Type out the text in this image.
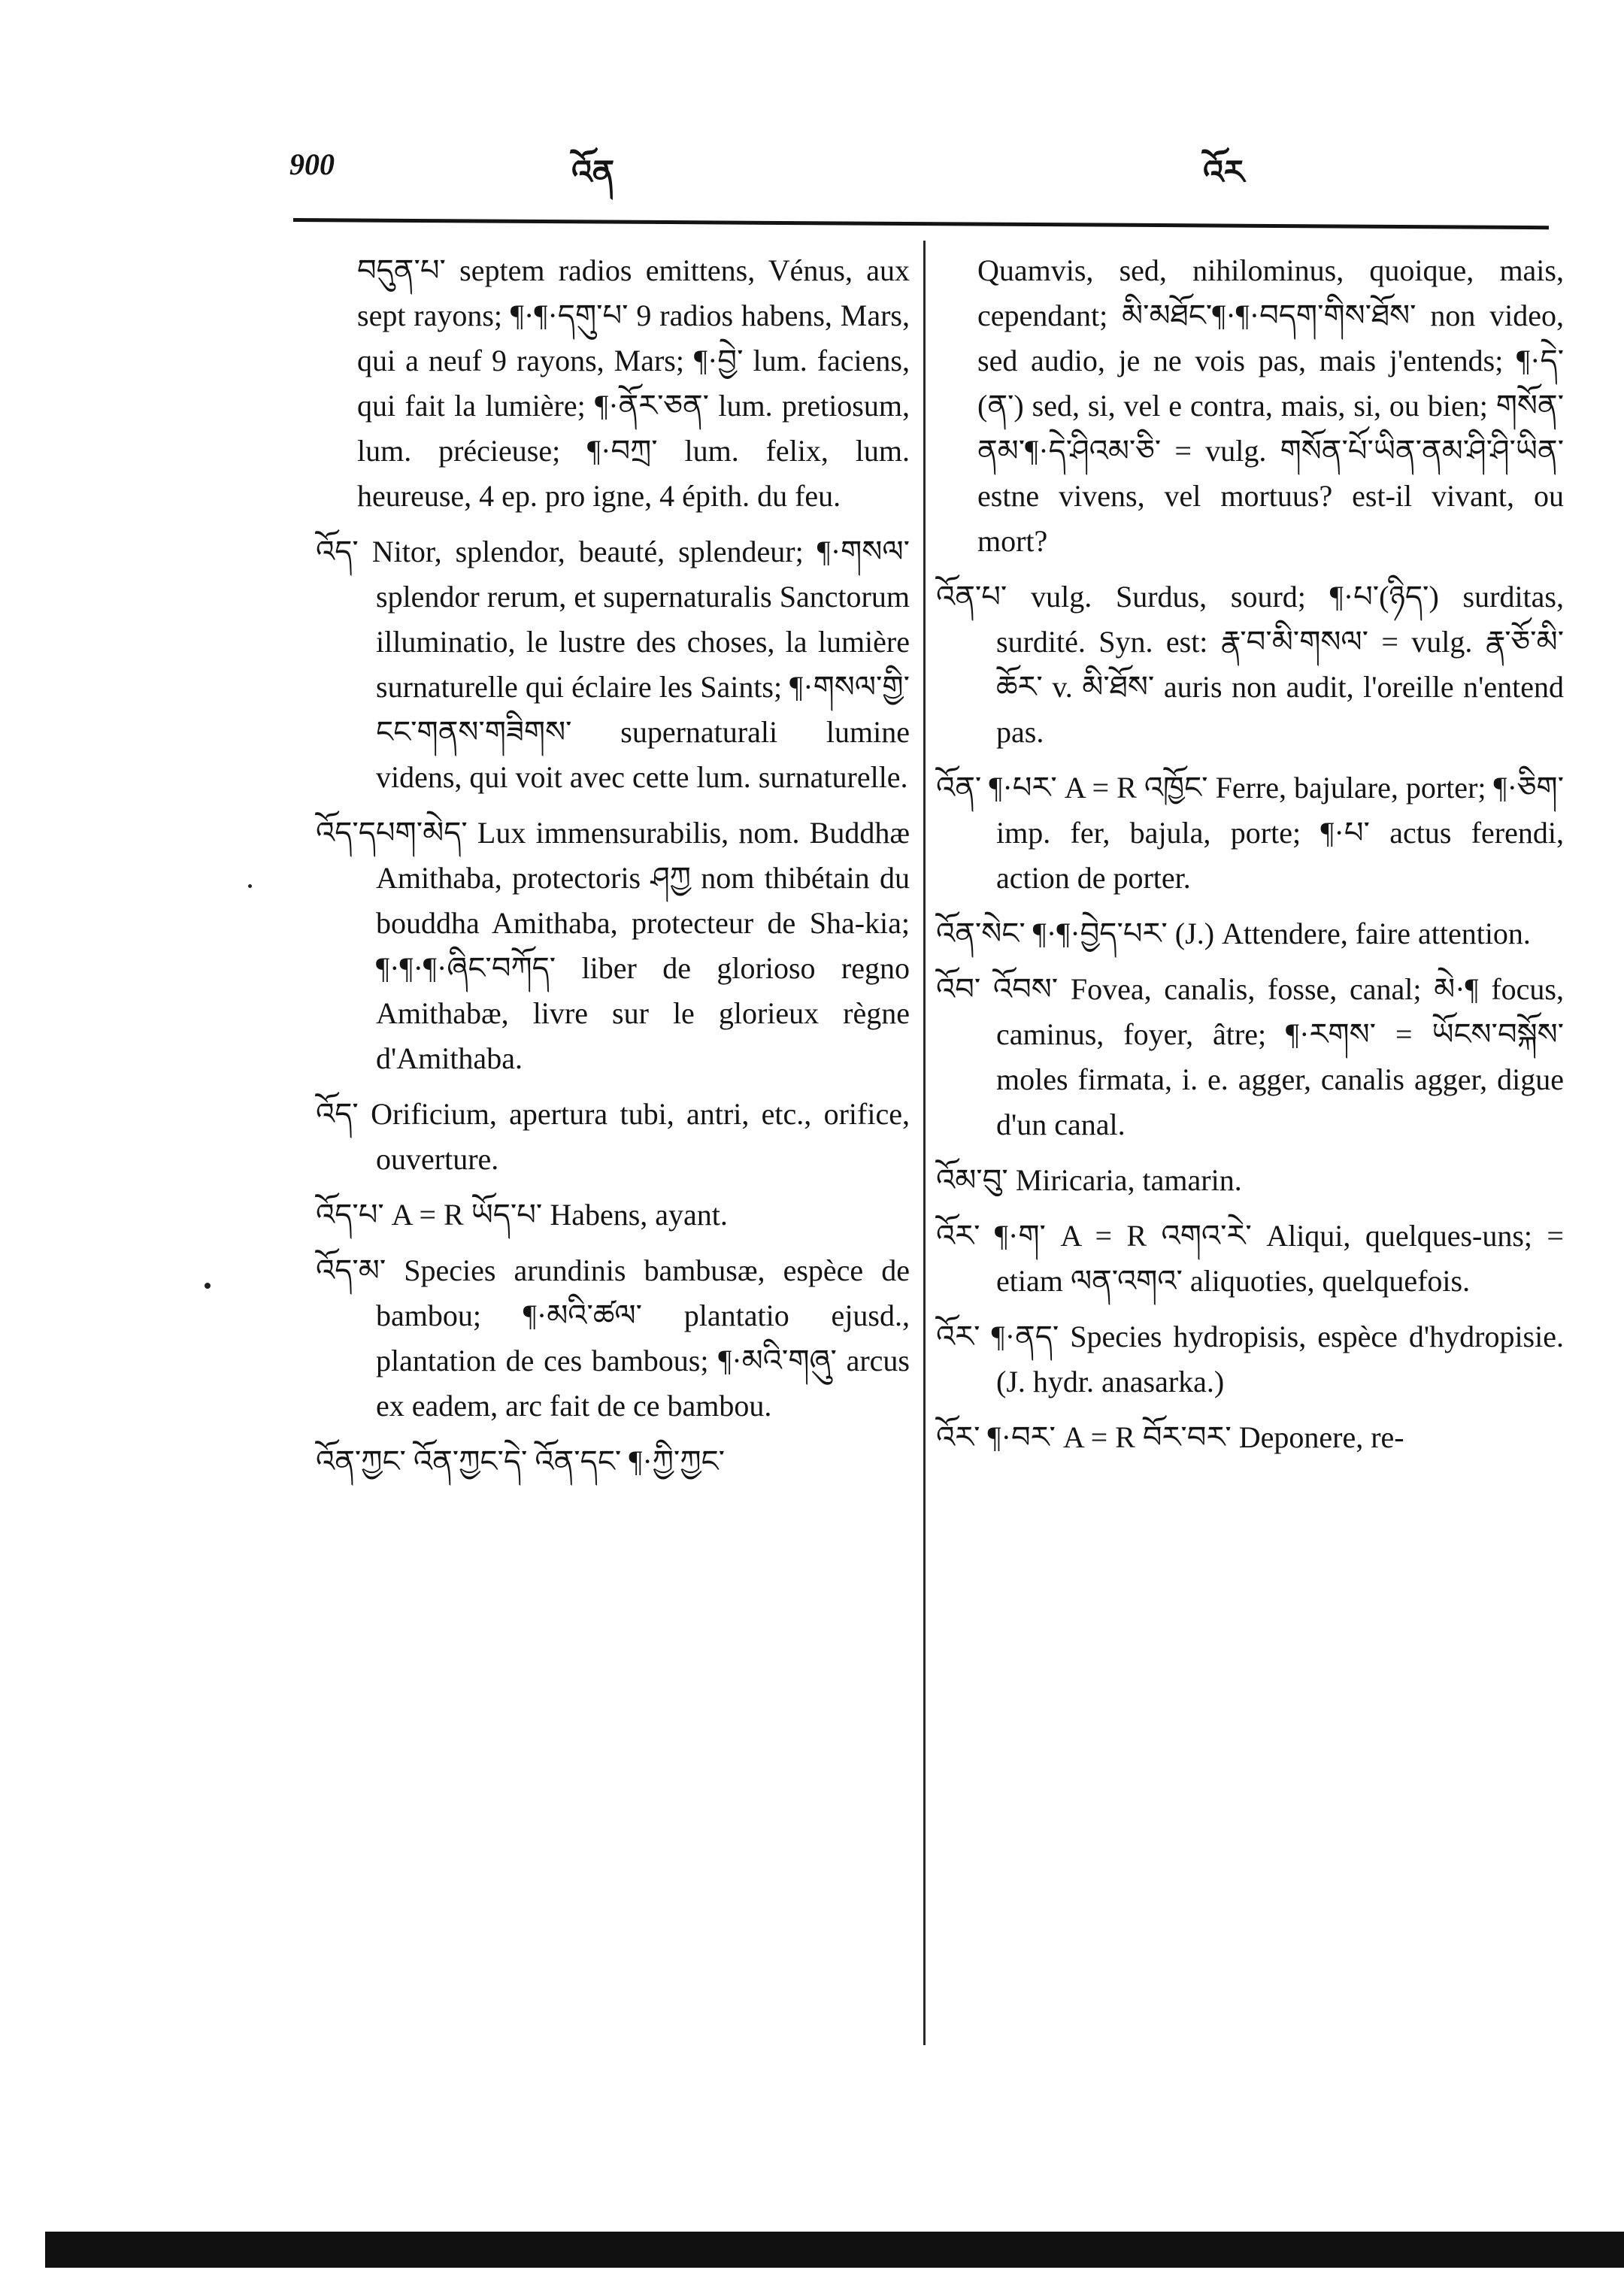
900	འོན	འོར

བདུན་པ་ septem radios emittens, Vénus, aux sept rayons; ¶·¶·དགུ་པ་ 9 radios habens, Mars, qui a neuf 9 rayons, Mars; ¶·བྱེ་ lum. faciens, qui fait la lumière; ¶·ནོར་ཅན་ lum. pretiosum, lum. précieuse; ¶·བཀྲ་ lum. felix, lum. heureuse, 4 ep. pro igne, 4 épith. du feu.

འོད་ Nitor, splendor, beauté, splendeur; ¶·གསལ་ splendor rerum, et supernaturalis Sanctorum illuminatio, le lustre des choses, la lumière surnaturelle qui éclaire les Saints; ¶·གསལ་གྱི་ངང་གནས་གཟིགས་ supernaturali lumine videns, qui voit avec cette lum. surnaturelle.

འོད་དཔག་མེད་ Lux immensurabilis, nom. Buddhæ Amithaba, protectoris ཤཀྱ nom thibétain du bouddha Amithaba, protecteur de Sha-kia; ¶·¶·¶·ཞིང་བཀོད་ liber de glorioso regno Amithabæ, livre sur le glorieux règne d'Amithaba.

འོད་ Orificium, apertura tubi, antri, etc., orifice, ouverture.

འོད་པ་ A = R ཡོད་པ་ Habens, ayant.

འོད་མ་ Species arundinis bambusæ, espèce de bambou; ¶·མའི་ཚལ་ plantatio ejusd., plantation de ces bambous; ¶·མའི་གཞུ་ arcus ex eadem, arc fait de ce bambou.

འོན་ཀྱང་ འོན་ཀྱང་དེ་ འོན་དང་ ¶·ཀྱི་ཀྱང་

Quamvis, sed, nihilominus, quoique, mais, cependant; མི་མཐོང་¶·¶·བདག་གིས་ཐོས་ non video, sed audio, je ne vois pas, mais j'entends; ¶·དེ་(ན་) sed, si, vel e contra, mais, si, ou bien; གསོན་ནམ་¶·དེ་ཤིའམ་ཅི་ = vulg. གསོན་པོ་ཡིན་ནམ་ཤི་ཤི་ཡིན་ estne vivens, vel mortuus? est-il vivant, ou mort?

འོན་པ་ vulg. Surdus, sourd; ¶·པ་(ཉིད་) surditas, surdité. Syn. est: རྣ་བ་མི་གསལ་ = vulg. རྣ་ཅོ་མི་ཆོར་ v. མི་ཐོས་ auris non audit, l'oreille n'entend pas.

འོན་ ¶·པར་ A = R འཁྱོང་ Ferre, bajulare, porter; ¶·ཅིག་ imp. fer, bajula, porte; ¶·པ་ actus ferendi, action de porter.

འོན་སེང་ ¶·¶·བྱེད་པར་ (J.) Attendere, faire attention.

འོབ་ འོབས་ Fovea, canalis, fosse, canal; མེ·¶ focus, caminus, foyer, âtre; ¶·རགས་ = ཡོངས་བསྐོས་ moles firmata, i. e. agger, canalis agger, digue d'un canal.

འོམ་བུ་ Miricaria, tamarin.

འོར་ ¶·ག་ A = R འགའ་རེ་ Aliqui, quelques-uns; = etiam ལན་འགའ་ aliquoties, quelquefois.

འོར་ ¶·ནད་ Species hydropisis, espèce d'hydropisie. (J. hydr. anasarka.)

འོར་ ¶·བར་ A = R བོར་བར་ Deponere, re-
